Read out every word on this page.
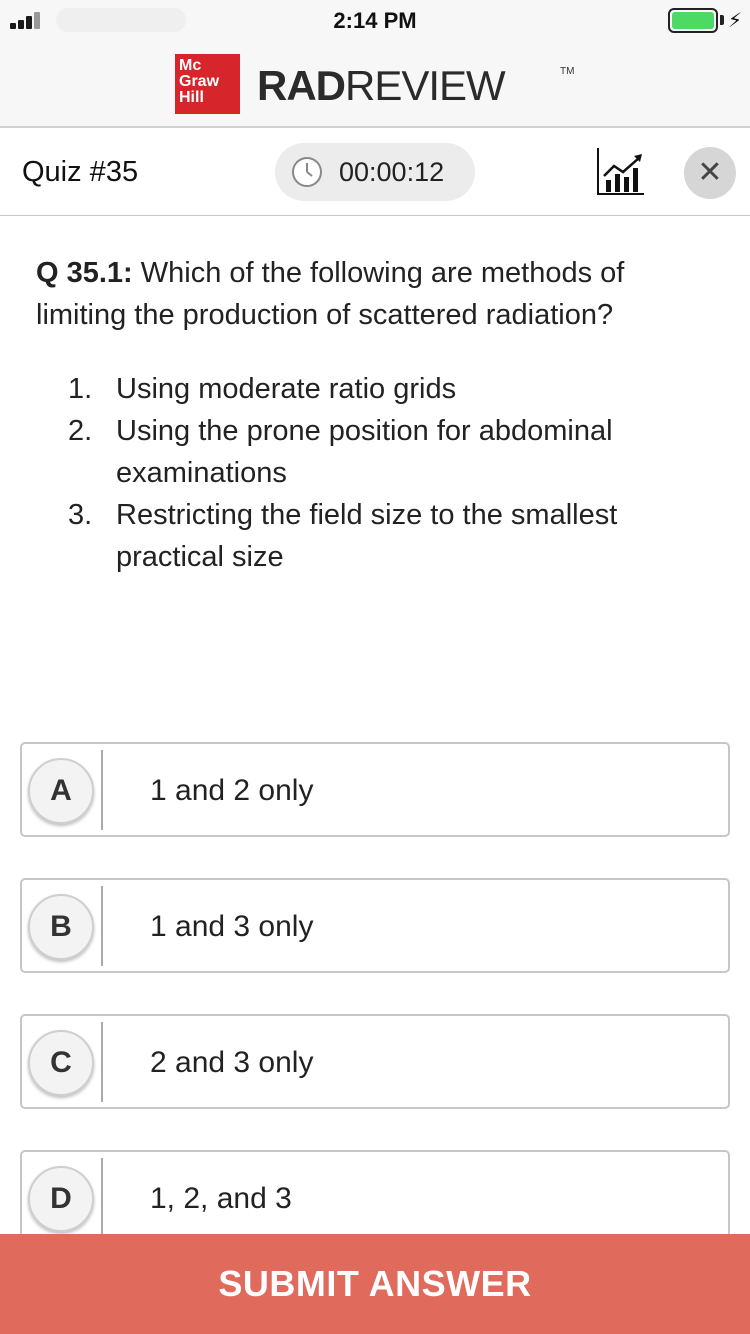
2:14 PM	⚡
Mc
Graw
Hill	RADREVIEW	TM
Quiz #35	00:00:12	✕
Q 35.1: Which of the following are methods of limiting the production of scattered radiation?
1. Using moderate ratio grids
2. Using the prone position for abdominal examinations
3. Restricting the field size to the smallest practical size
A	1 and 2 only
B	1 and 3 only
C	2 and 3 only
D	1, 2, and 3
SUBMIT ANSWER
